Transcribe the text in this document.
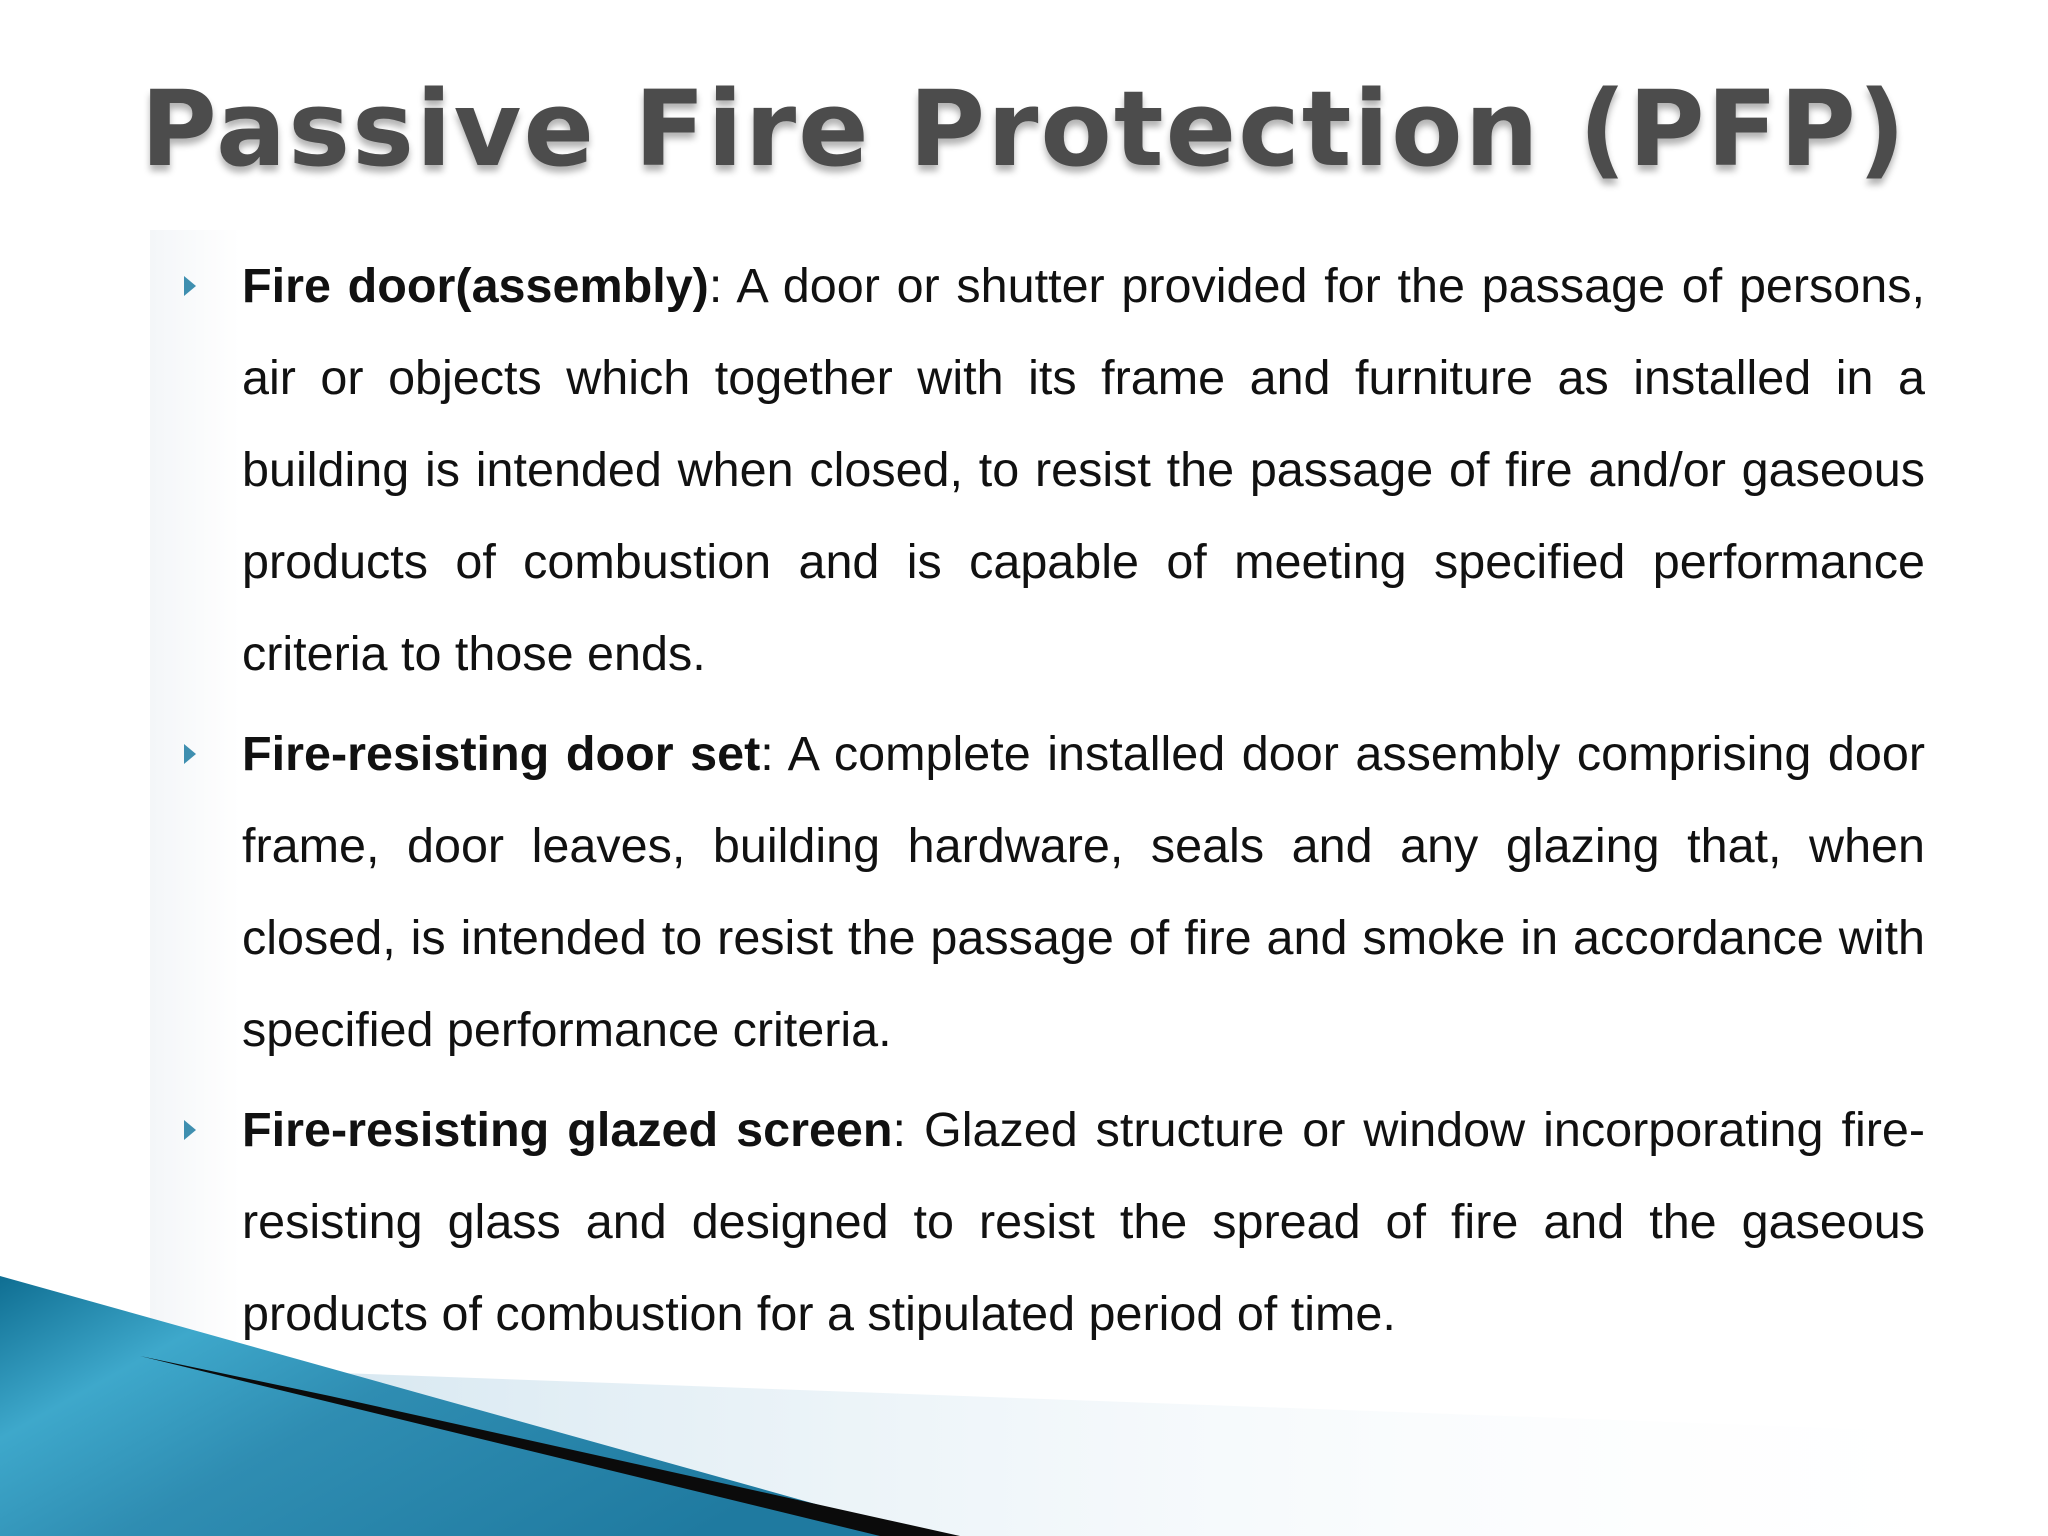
Passive Fire Protection (PFP)
Fire door(assembly): A door or shutter provided for the passage of persons, air or objects which together with its frame and furniture as installed in a building is intended when closed, to resist the passage of fire and/or gaseous products of combustion and is capable of meeting specified performance criteria to those ends.
Fire-resisting door set: A complete installed door assembly comprising door frame, door leaves, building hardware, seals and any glazing that, when closed, is intended to resist the passage of fire and smoke in accordance with specified performance criteria.
Fire-resisting glazed screen: Glazed structure or window incorporating fire-resisting glass and designed to resist the spread of fire and the gaseous products of combustion for a stipulated period of time.
